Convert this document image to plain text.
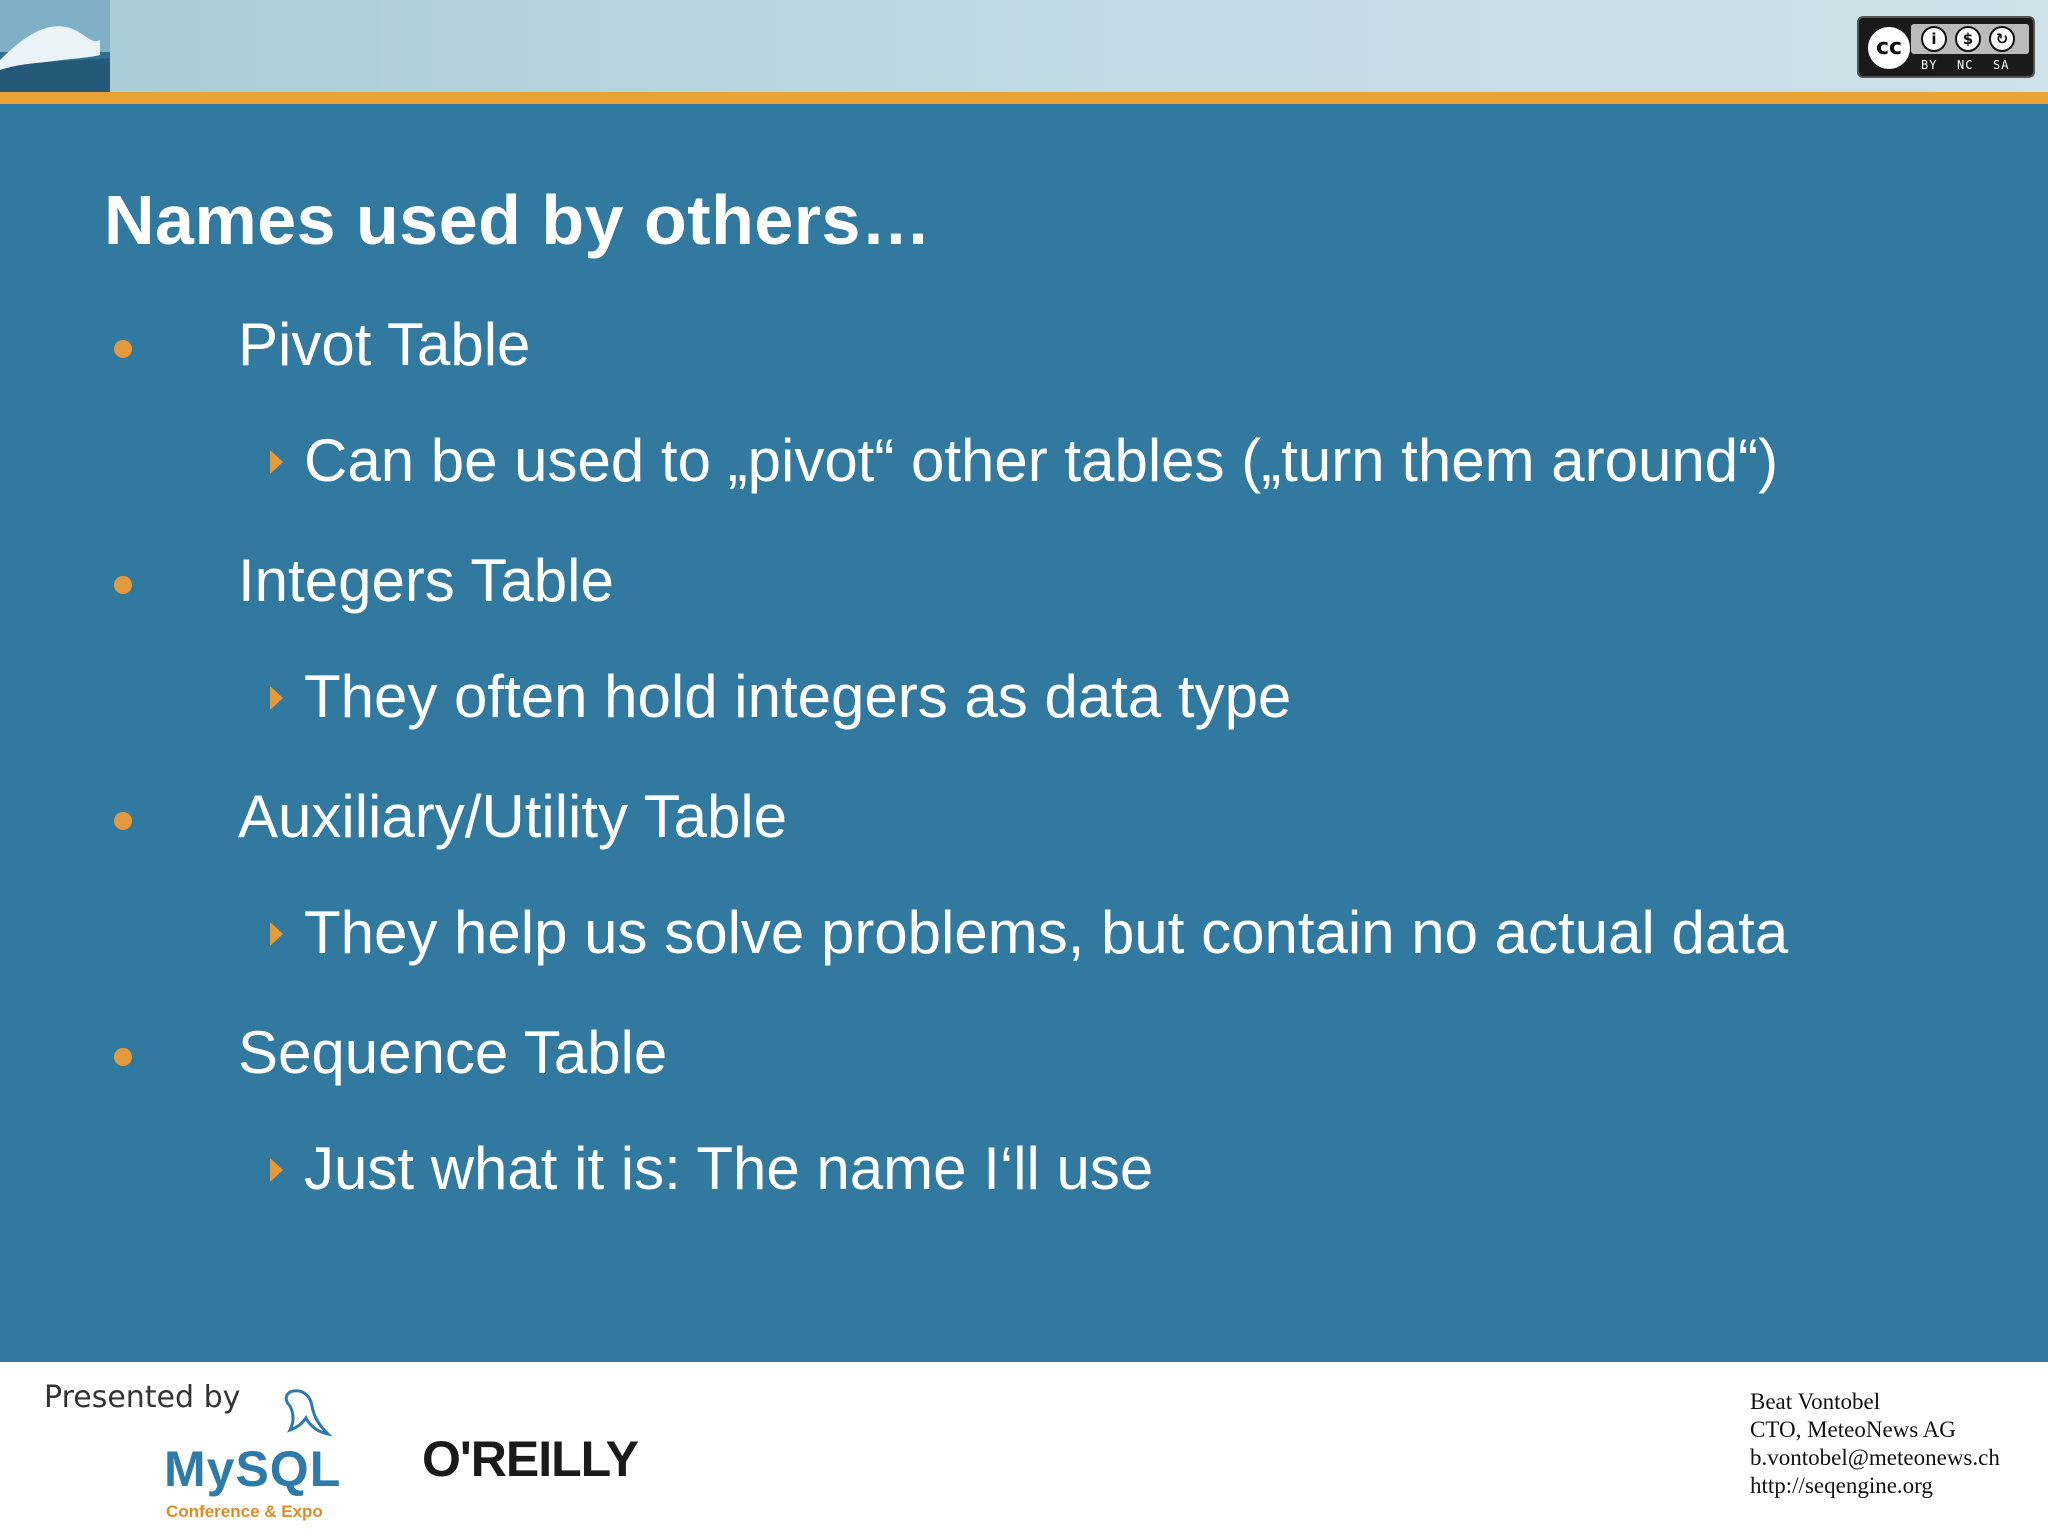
cc	i	$	↻
BY NC SA
Names used by others…
Pivot Table
Can be used to „pivot“ other tables („turn them around“)
Integers Table
They often hold integers as data type
Auxiliary/Utility Table
They help us solve problems, but contain no actual data
Sequence Table
Just what it is: The name I‘ll use
Presented by
MySQL
Conference & Expo
O'REILLY
Beat Vontobel
CTO, MeteoNews AG
b.vontobel@meteonews.ch
http://seqengine.org
